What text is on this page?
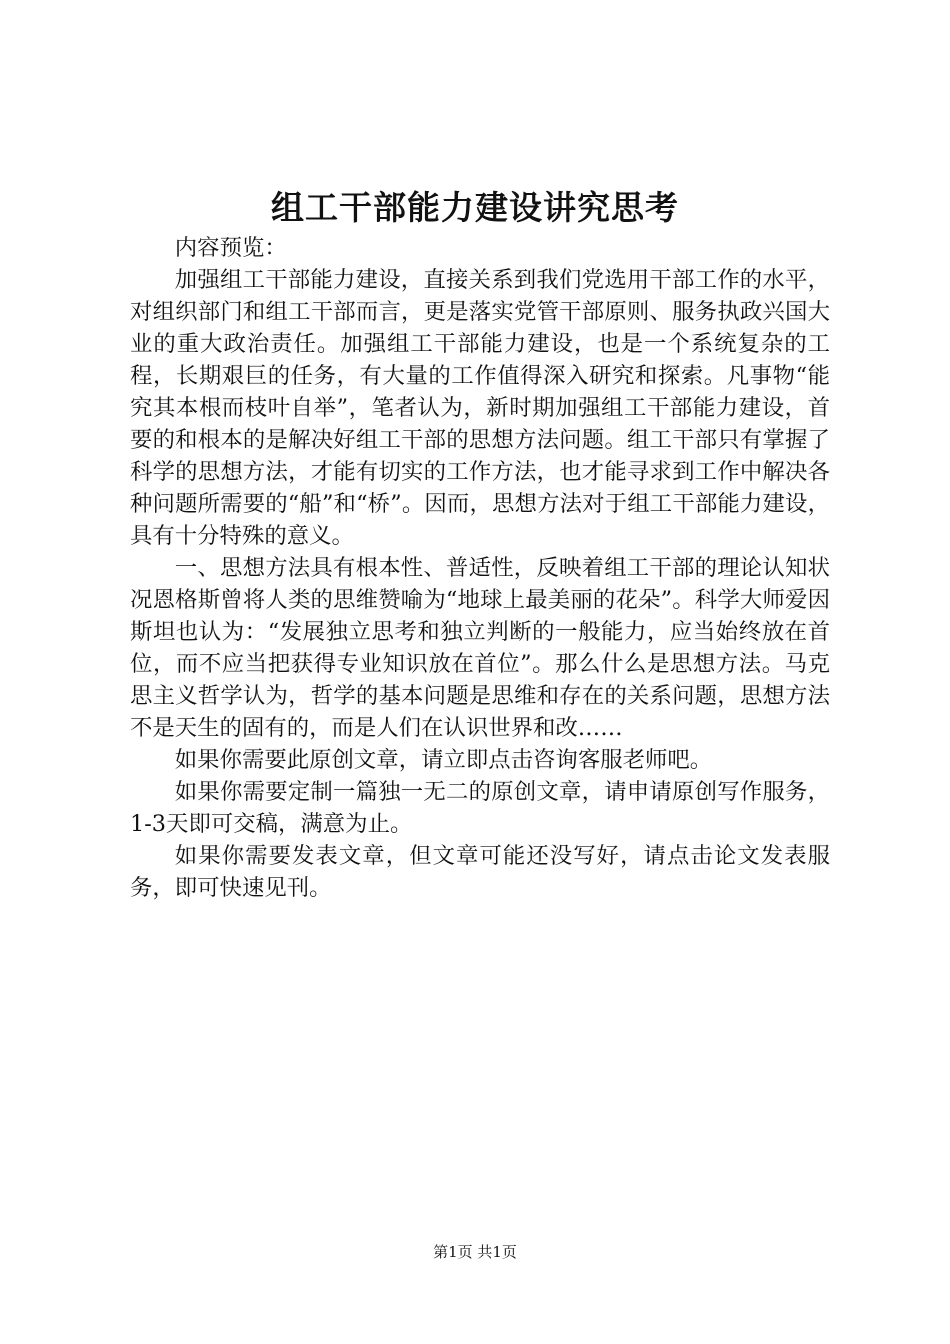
组工干部能力建设讲究思考

内容预览：

加强组工干部能力建设，直接关系到我们党选用干部工作的水平，对组织部门和组工干部而言，更是落实党管干部原则、服务执政兴国大业的重大政治责任。加强组工干部能力建设，也是一个系统复杂的工程，长期艰巨的任务，有大量的工作值得深入研究和探索。凡事物“能究其本根而枝叶自举”，笔者认为，新时期加强组工干部能力建设，首要的和根本的是解决好组工干部的思想方法问题。组工干部只有掌握了科学的思想方法，才能有切实的工作方法，也才能寻求到工作中解决各种问题所需要的“船”和“桥”。因而，思想方法对于组工干部能力建设，具有十分特殊的意义。

一、思想方法具有根本性、普适性，反映着组工干部的理论认知状况恩格斯曾将人类的思维赞喻为“地球上最美丽的花朵”。科学大师爱因斯坦也认为：“发展独立思考和独立判断的一般能力，应当始终放在首位，而不应当把获得专业知识放在首位”。那么什么是思想方法。马克思主义哲学认为，哲学的基本问题是思维和存在的关系问题，思想方法不是天生的固有的，而是人们在认识世界和改……

如果你需要此原创文章，请立即点击咨询客服老师吧。

如果你需要定制一篇独一无二的原创文章，请申请原创写作服务，1-3天即可交稿，满意为止。

如果你需要发表文章，但文章可能还没写好，请点击论文发表服务，即可快速见刊。

第1页 共1页
